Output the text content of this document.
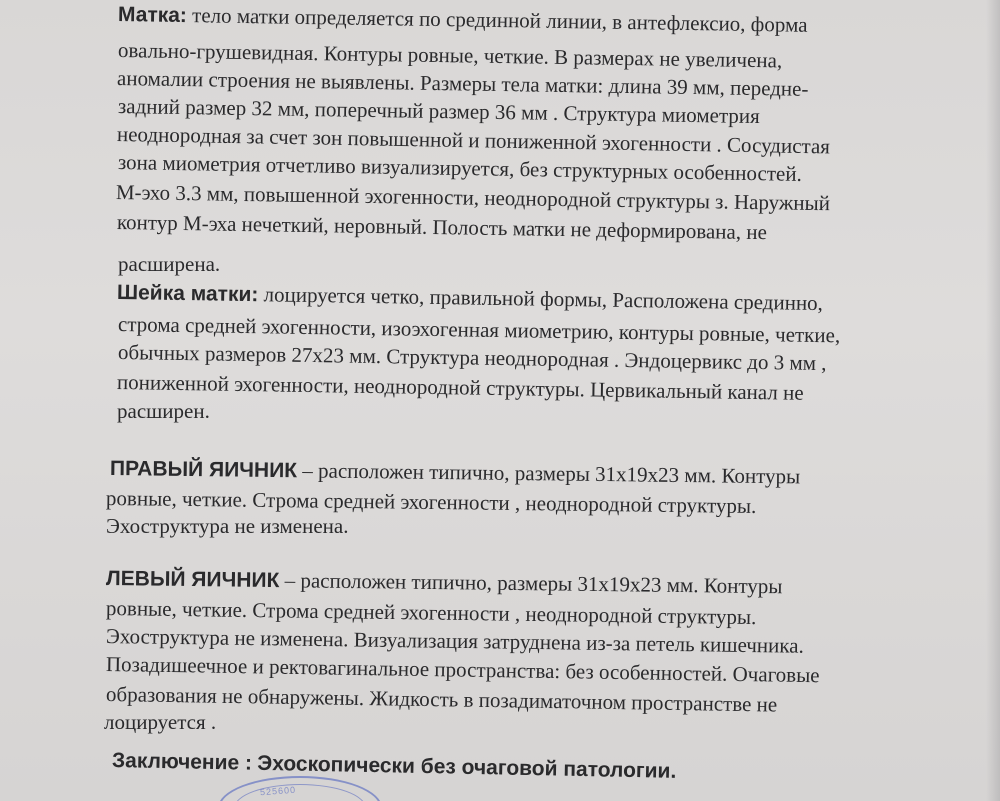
Матка: тело матки определяется по срединной линии, в антефлексио, форма
овально-грушевидная. Контуры ровные, четкие. В размерах не увеличена,
аномалии строения не выявлены. Размеры тела матки: длина 39 мм, передне-
задний размер 32 мм, поперечный размер 36 мм . Структура миометрия
неоднородная за счет зон повышенной и пониженной эхогенности . Сосудистая
зона миометрия отчетливо визуализируется, без структурных особенностей.
М-эхо 3.3 мм, повышенной эхогенности, неоднородной структуры з. Наружный
контур М-эха нечеткий, неровный. Полость матки не деформирована, не
расширена.
Шейка матки: лоцируется четко, правильной формы, Расположена срединно,
строма средней эхогенности, изоэхогенная миометрию, контуры ровные, четкие,
обычных размеров 27х23 мм. Структура неоднородная . Эндоцервикс до 3 мм ,
пониженной эхогенности, неоднородной структуры. Цервикальный канал не
расширен.
ПРАВЫЙ ЯИЧНИК – расположен типично, размеры 31х19х23 мм. Контуры
ровные, четкие. Строма средней эхогенности , неоднородной структуры.
Эхоструктура не изменена.
ЛЕВЫЙ ЯИЧНИК – расположен типично, размеры 31х19х23 мм. Контуры
ровные, четкие. Строма средней эхогенности , неоднородной структуры.
Эхоструктура не изменена. Визуализация затруднена из-за петель кишечника.
Позадишеечное и ректовагинальное пространства: без особенностей. Очаговые
образования не обнаружены. Жидкость в позадиматочном пространстве не
лоцируется .
Заключение : Эхоскопически без очаговой патологии.
525600
